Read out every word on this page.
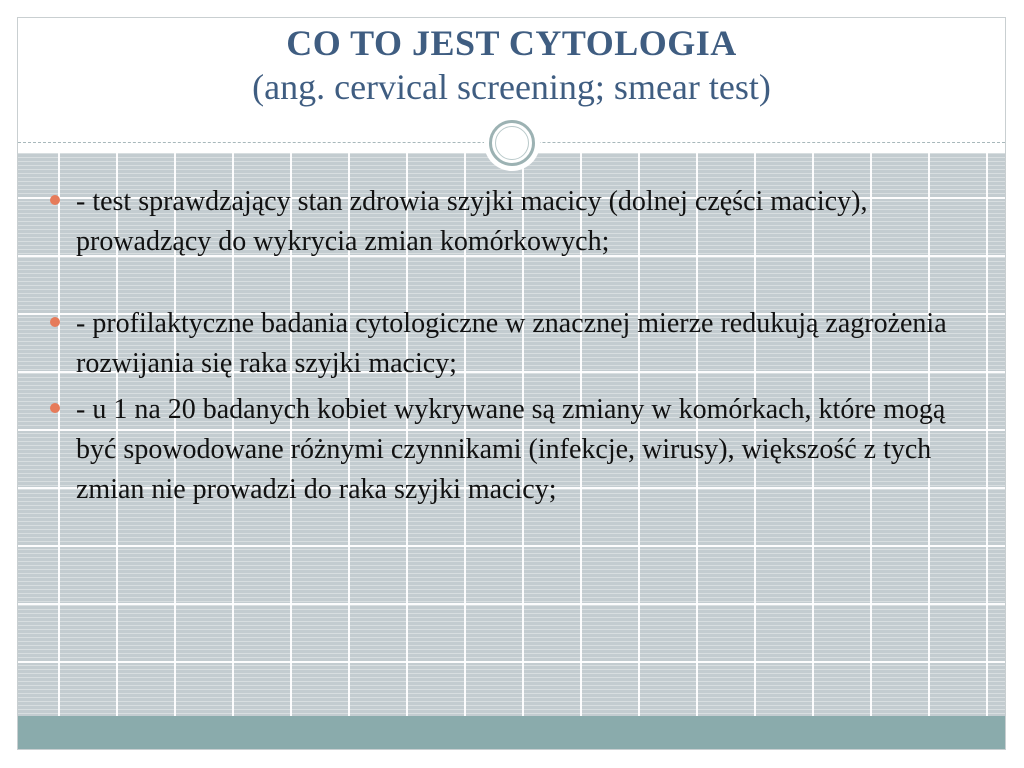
CO TO JEST CYTOLOGIA
(ang. cervical screening; smear test)
- test sprawdzający stan zdrowia szyjki macicy (dolnej części macicy), prowadzący do wykrycia zmian komórkowych;
- profilaktyczne badania cytologiczne w znacznej mierze redukują zagrożenia rozwijania się raka szyjki macicy;
- u 1 na 20 badanych kobiet wykrywane są zmiany w komórkach, które mogą być spowodowane różnymi czynnikami (infekcje, wirusy), większość z tych zmian nie prowadzi do raka szyjki macicy;
